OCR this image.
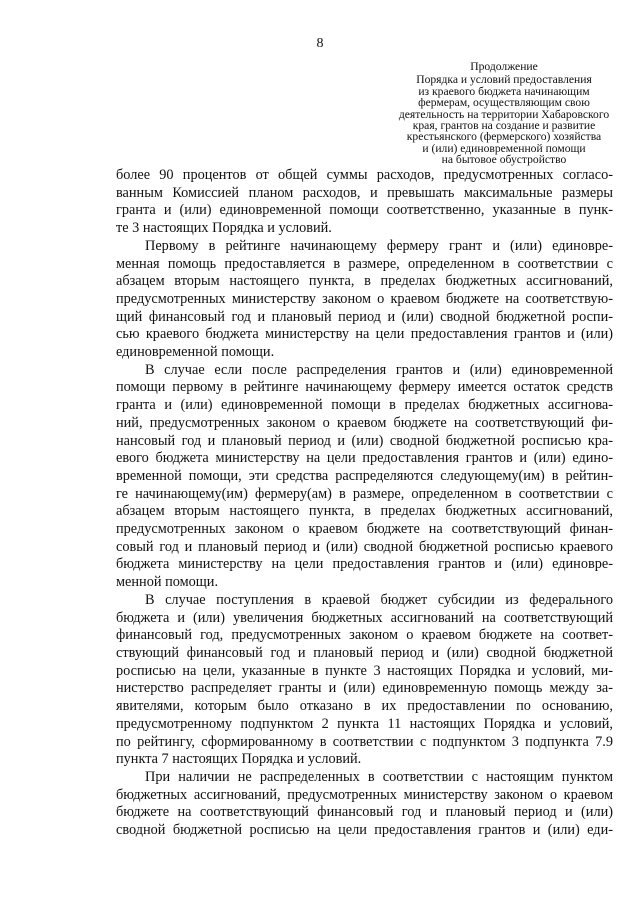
8
Продолжение
Порядка и условий предоставления
из краевого бюджета начинающим
фермерам, осуществляющим свою
деятельность на территории Хабаровского
края, грантов на создание и развитие
крестьянского (фермерского) хозяйства
и (или) единовременной помощи
на бытовое обустройство
более 90 процентов от общей суммы расходов, предусмотренных согласо-
ванным Комиссией планом расходов, и превышать максимальные размеры
гранта и (или) единовременной помощи соответственно, указанные в пунк-
те 3 настоящих Порядка и условий.
Первому в рейтинге начинающему фермеру грант и (или) единовре-
менная помощь предоставляется в размере, определенном в соответствии с
абзацем вторым настоящего пункта, в пределах бюджетных ассигнований,
предусмотренных министерству законом о краевом бюджете на соответствую-
щий финансовый год и плановый период и (или) сводной бюджетной роспи-
сью краевого бюджета министерству на цели предоставления грантов и (или)
единовременной помощи.
В случае если после распределения грантов и (или) единовременной
помощи первому в рейтинге начинающему фермеру имеется остаток средств
гранта и (или) единовременной помощи в пределах бюджетных ассигнова-
ний, предусмотренных законом о краевом бюджете на соответствующий фи-
нансовый год и плановый период и (или) сводной бюджетной росписью кра-
евого бюджета министерству на цели предоставления грантов и (или) едино-
временной помощи, эти средства распределяются следующему(им) в рейтин-
ге начинающему(им) фермеру(ам) в размере, определенном в соответствии с
абзацем вторым настоящего пункта, в пределах бюджетных ассигнований,
предусмотренных законом о краевом бюджете на соответствующий финан-
совый год и плановый период и (или) сводной бюджетной росписью краевого
бюджета министерству на цели предоставления грантов и (или) единовре-
менной помощи.
В случае поступления в краевой бюджет субсидии из федерального
бюджета и (или) увеличения бюджетных ассигнований на соответствующий
финансовый год, предусмотренных законом о краевом бюджете на соответ-
ствующий финансовый год и плановый период и (или) сводной бюджетной
росписью на цели, указанные в пункте 3 настоящих Порядка и условий, ми-
нистерство распределяет гранты и (или) единовременную помощь между за-
явителями, которым было отказано в их предоставлении по основанию,
предусмотренному подпунктом 2 пункта 11 настоящих Порядка и условий,
по рейтингу, сформированному в соответствии с подпунктом 3 подпункта 7.9
пункта 7 настоящих Порядка и условий.
При наличии не распределенных в соответствии с настоящим пунктом
бюджетных ассигнований, предусмотренных министерству законом о краевом
бюджете на соответствующий финансовый год и плановый период и (или)
сводной бюджетной росписью на цели предоставления грантов и (или) еди-
